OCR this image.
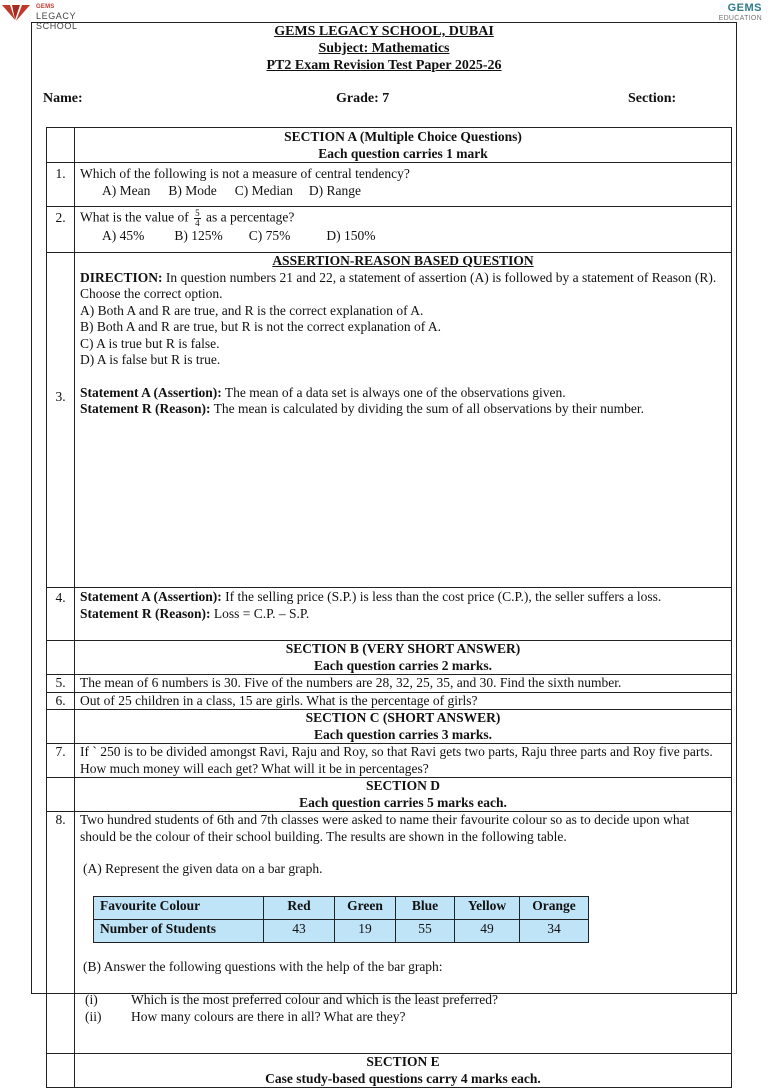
GEMS
LEGACY SCHOOL
GEMS
EDUCATION
GEMS LEGACY SCHOOL, DUBAI
Subject: Mathematics
PT2 Exam Revision Test Paper 2025-26
Name:	Grade: 7	Section:

SECTION A (Multiple Choice Questions)
Each question carries 1 mark

1.	Which of the following is not a measure of central tendency?
A) Mean B) Mode C) Median D) Range

2.	What is the value of $\frac{5}{4}$ as a percentage?
A) 45% B) 125% C) 75%	D) 150%

3.	
ASSERTION-REASON BASED QUESTION
DIRECTION: In question numbers 21 and 22, a statement of assertion (A) is followed by a statement of Reason (R). Choose the correct option.
A) Both A and R are true, and R is the correct explanation of A.
B) Both A and R are true, but R is not the correct explanation of A.
C) A is true but R is false.
D) A is false but R is true.
Statement A (Assertion): The mean of a data set is always one of the observations given.
Statement R (Reason): The mean is calculated by dividing the sum of all observations by their number.

4.	Statement A (Assertion): If the selling price (S.P.) is less than the cost price (C.P.), the seller suffers a loss.
Statement R (Reason): Loss = C.P. – S.P.

SECTION B (VERY SHORT ANSWER)
Each question carries 2 marks.

5.	The mean of 6 numbers is 30. Five of the numbers are 28, 32, 25, 35, and 30. Find the sixth number.
6.	Out of 25 children in a class, 15 are girls. What is the percentage of girls?

SECTION C (SHORT ANSWER)
Each question carries 3 marks.

7.	If ` 250 is to be divided amongst Ravi, Raju and Roy, so that Ravi gets two parts, Raju three parts and Roy five parts. How much money will each get? What will it be in percentages?

SECTION D
Each question carries 5 marks each.

8.	Two hundred students of 6th and 7th classes were asked to name their favourite colour so as to decide upon what should be the colour of their school building. The results are shown in the following table.
(A) Represent the given data on a bar graph.
Favourite Colour	Red	Green	Blue	Yellow	Orange
Number of Students	43	19	55	49	34
(B) Answer the following questions with the help of the bar graph:
(i)	Which is the most preferred colour and which is the least preferred?
(ii)	How many colours are there in all? What are they?

SECTION E
Case study-based questions carry 4 marks each.
